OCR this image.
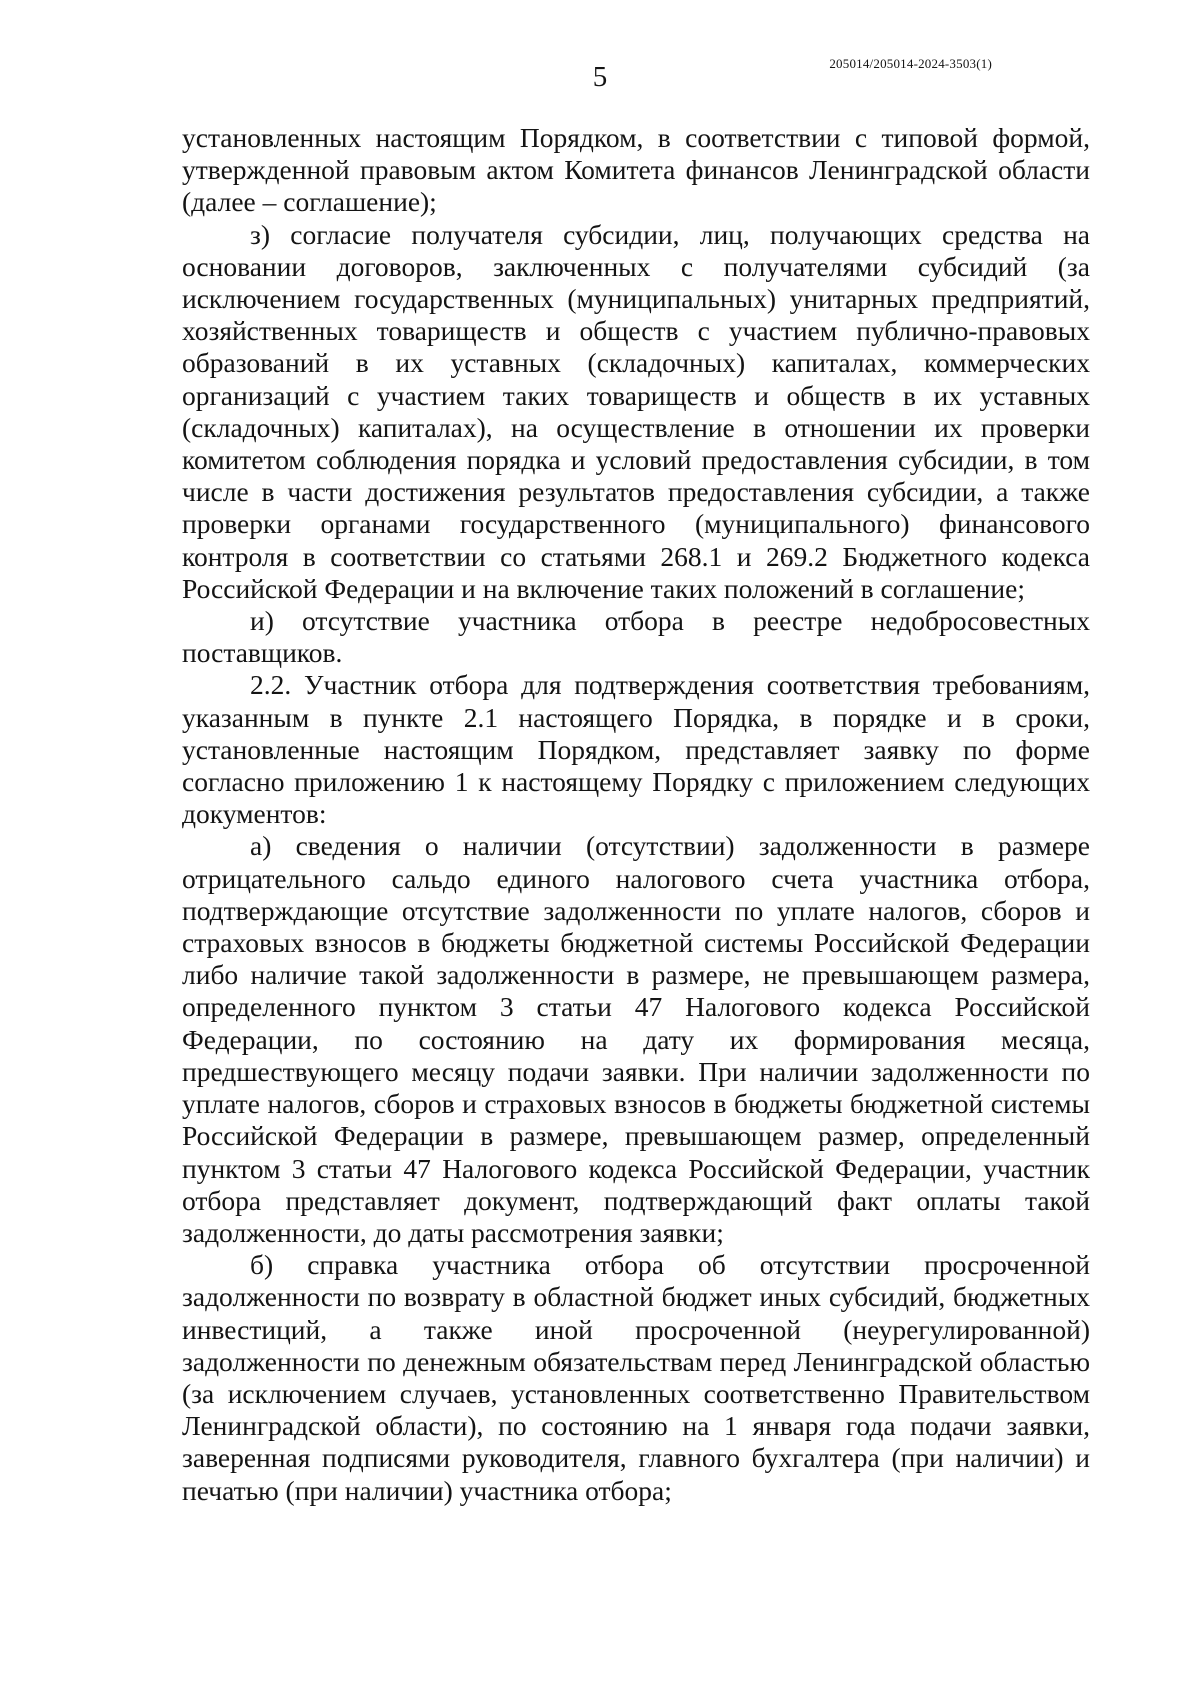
5	205014/205014-2024-3503(1)

установленных настоящим Порядком, в соответствии с типовой формой, утвержденной правовым актом Комитета финансов Ленинградской области (далее – соглашение);

з) согласие получателя субсидии, лиц, получающих средства на основании договоров, заключенных с получателями субсидий (за исключением государственных (муниципальных) унитарных предприятий, хозяйственных товариществ и обществ с участием публично-правовых образований в их уставных (складочных) капиталах, коммерческих организаций с участием таких товариществ и обществ в их уставных (складочных) капиталах), на осуществление в отношении их проверки комитетом соблюдения порядка и условий предоставления субсидии, в том числе в части достижения результатов предоставления субсидии, а также проверки органами государственного (муниципального) финансового контроля в соответствии со статьями 268.1 и 269.2 Бюджетного кодекса Российской Федерации и на включение таких положений в соглашение;

и) отсутствие участника отбора в реестре недобросовестных поставщиков.

2.2. Участник отбора для подтверждения соответствия требованиям, указанным в пункте 2.1 настоящего Порядка, в порядке и в сроки, установленные настоящим Порядком, представляет заявку по форме согласно приложению 1 к настоящему Порядку с приложением следующих документов:

а) сведения о наличии (отсутствии) задолженности в размере отрицательного сальдо единого налогового счета участника отбора, подтверждающие отсутствие задолженности по уплате налогов, сборов и страховых взносов в бюджеты бюджетной системы Российской Федерации либо наличие такой задолженности в размере, не превышающем размера, определенного пунктом 3 статьи 47 Налогового кодекса Российской Федерации, по состоянию на дату их формирования месяца, предшествующего месяцу подачи заявки. При наличии задолженности по уплате налогов, сборов и страховых взносов в бюджеты бюджетной системы Российской Федерации в размере, превышающем размер, определенный пунктом 3 статьи 47 Налогового кодекса Российской Федерации, участник отбора представляет документ, подтверждающий факт оплаты такой задолженности, до даты рассмотрения заявки;

б) справка участника отбора об отсутствии просроченной задолженности по возврату в областной бюджет иных субсидий, бюджетных инвестиций, а также иной просроченной (неурегулированной) задолженности по денежным обязательствам перед Ленинградской областью (за исключением случаев, установленных соответственно Правительством Ленинградской области), по состоянию на 1 января года подачи заявки, заверенная подписями руководителя, главного бухгалтера (при наличии) и печатью (при наличии) участника отбора;
